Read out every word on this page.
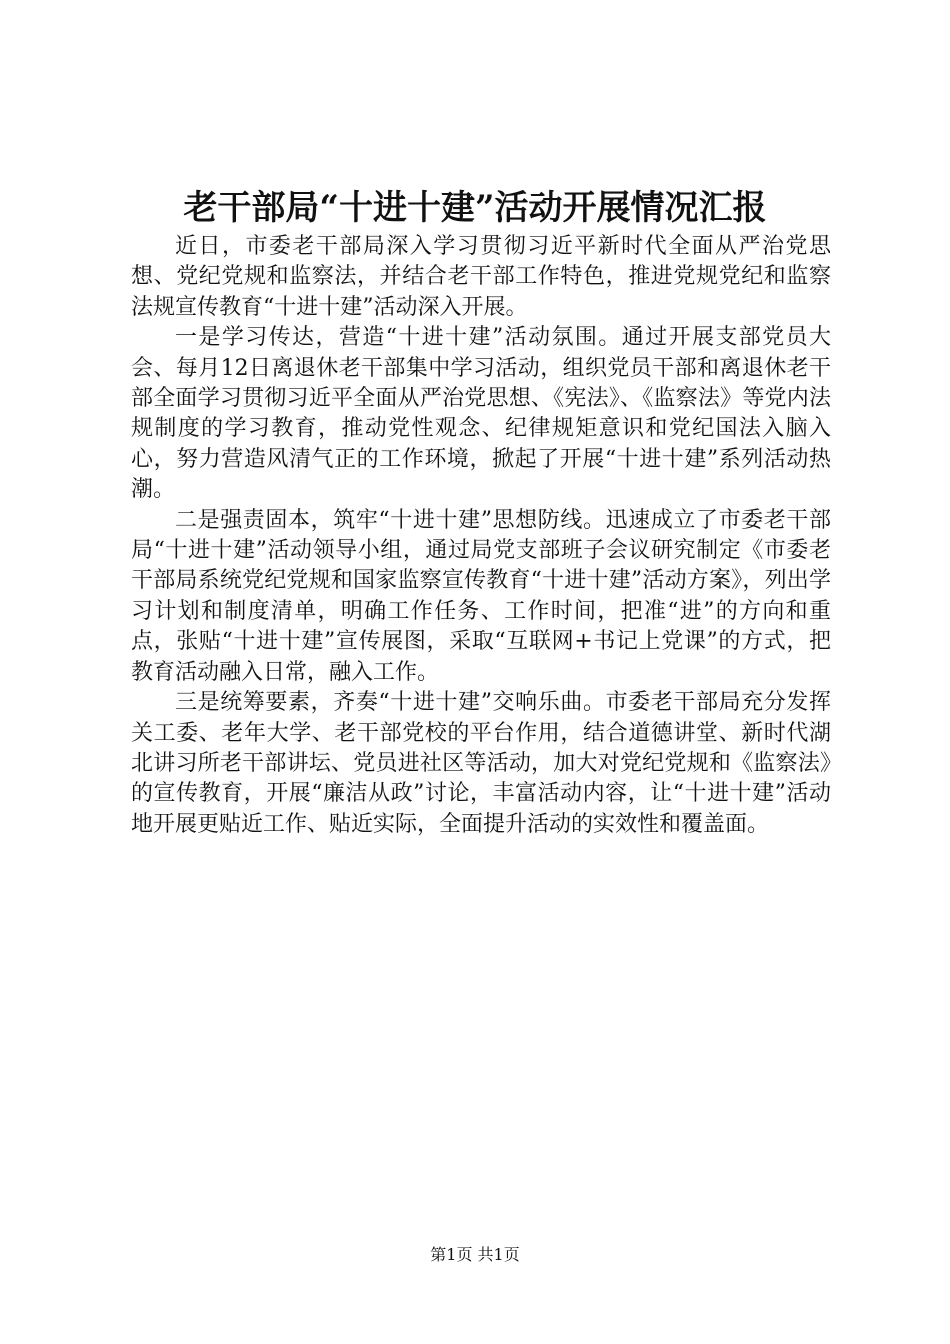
老干部局“十进十建”活动开展情况汇报

近日，市委老干部局深入学习贯彻习近平新时代全面从严治党思想、党纪党规和监察法，并结合老干部工作特色，推进党规党纪和监察法规宣传教育“十进十建”活动深入开展。

一是学习传达，营造“十进十建”活动氛围。通过开展支部党员大会、每月12日离退休老干部集中学习活动，组织党员干部和离退休老干部全面学习贯彻习近平全面从严治党思想、《宪法》、《监察法》等党内法规制度的学习教育，推动党性观念、纪律规矩意识和党纪国法入脑入心，努力营造风清气正的工作环境，掀起了开展“十进十建”系列活动热潮。

二是强责固本，筑牢“十进十建”思想防线。迅速成立了市委老干部局“十进十建”活动领导小组，通过局党支部班子会议研究制定《市委老干部局系统党纪党规和国家监察宣传教育“十进十建”活动方案》，列出学习计划和制度清单，明确工作任务、工作时间，把准“进”的方向和重点，张贴“十进十建”宣传展图，采取“互联网+书记上党课”的方式，把教育活动融入日常，融入工作。

三是统筹要素，齐奏“十进十建”交响乐曲。市委老干部局充分发挥关工委、老年大学、老干部党校的平台作用，结合道德讲堂、新时代湖北讲习所老干部讲坛、党员进社区等活动，加大对党纪党规和《监察法》的宣传教育，开展“廉洁从政”讨论，丰富活动内容，让“十进十建”活动地开展更贴近工作、贴近实际，全面提升活动的实效性和覆盖面。

第1页 共1页
